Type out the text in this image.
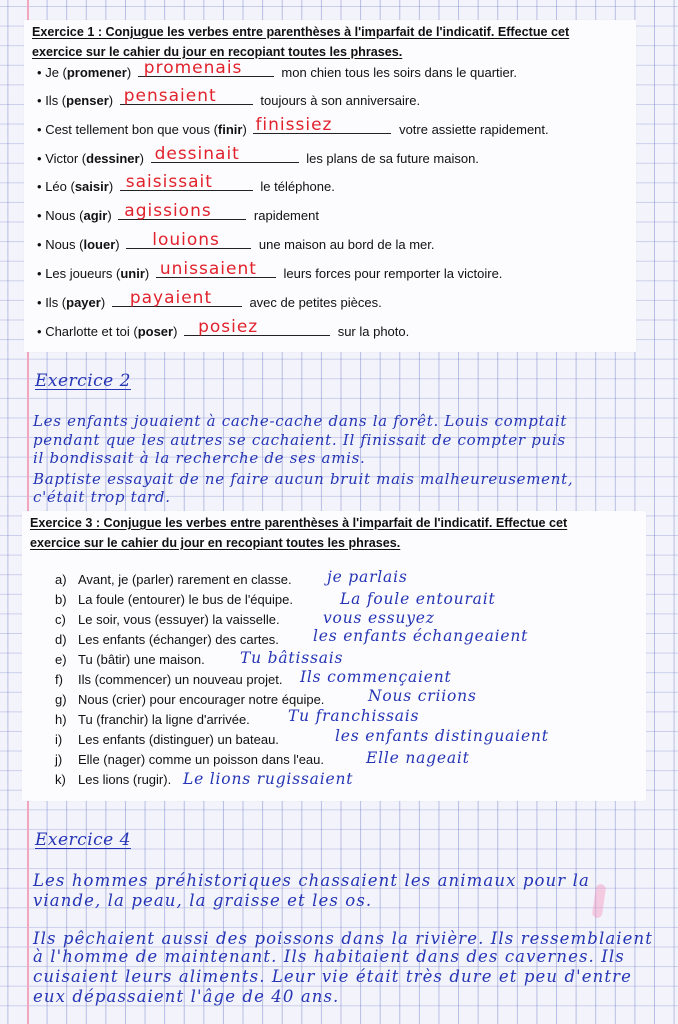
Exercice 1 : Conjugue les verbes entre parenthèses à l'imparfait de l'indicatif. Effectue cet
exercice sur le cahier du jour en recopiant toutes les phrases.
• Je (promener) promenais	mon chien tous les soirs dans le quartier.
• Ils (penser) pensaient	toujours à son anniversaire.
• Cest tellement bon que vous (finir) finissiez	votre assiette rapidement.
• Victor (dessiner) dessinait	les plans de sa future maison.
• Léo (saisir) saisissait	le téléphone.
• Nous (agir) agissions	rapidement
• Nous (louer) louions	une maison au bord de la mer.
• Les joueurs (unir) unissaient leurs forces pour remporter la victoire.
• Ils (payer) payaient	avec de petites pièces.
• Charlotte et toi (poser) posiez	sur la photo.
Exercice 2
Les enfants jouaient à cache-cache dans la forêt. Louis comptait
pendant que les autres se cachaient. Il finissait de compter puis
il bondissait à la recherche de ses amis.
Baptiste essayait de ne faire aucun bruit mais malheureusement,
c'était trop tard.
Exercice 3 : Conjugue les verbes entre parenthèses à l'imparfait de l'indicatif. Effectue cet
exercice sur le cahier du jour en recopiant toutes les phrases.
a) Avant, je (parler) rarement en classe.
b) La foule (entourer) le bus de l'équipe.
c) Le soir, vous (essuyer) la vaisselle.
d) Les enfants (échanger) des cartes.
e) Tu (bâtir) une maison.
f) Ils (commencer) un nouveau projet.
g) Nous (crier) pour encourager notre équipe.
h) Tu (franchir) la ligne d'arrivée.
i) Les enfants (distinguer) un bateau.
j) Elle (nager) comme un poisson dans l'eau.
k) Les lions (rugir).
je parlais
La foule entourait
vous essuyez
les enfants échangeaient
Tu bâtissais
Ils commençaient
Nous criions
Tu franchissais
les enfants distinguaient
Elle nageait
Le lions rugissaient
Exercice 4
Les hommes préhistoriques chassaient les animaux pour la
viande, la peau, la graisse et les os.
Ils pêchaient aussi des poissons dans la rivière. Ils ressemblaient
à l'homme de maintenant. Ils habitaient dans des cavernes. Ils
cuisaient leurs aliments. Leur vie était très dure et peu d'entre
eux dépassaient l'âge de 40 ans.
